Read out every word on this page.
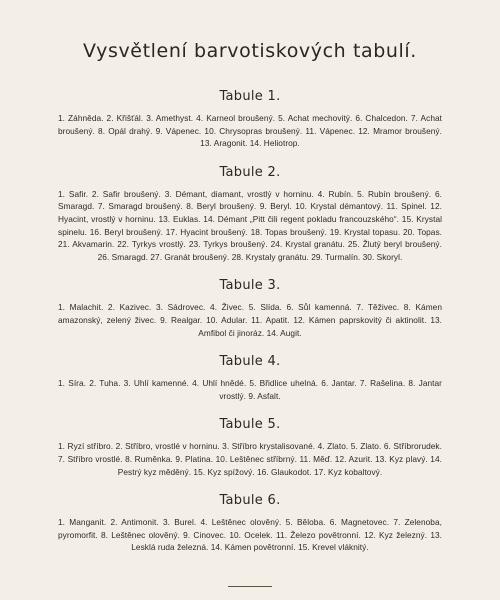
Vysvětlení barvotiskových tabulí.
Tabule 1.

1. Záhněda. 2. Křišťál. 3. Amethyst. 4. Karneol broušený. 5. Achat mechovitý. 6. Chalcedon. 7. Achat broušený. 8. Opál drahý. 9. Vápenec. 10. Chrysopras broušený. 11. Vápenec. 12. Mramor broušený. 13. Aragonit. 14. Heliotrop.

Tabule 2.

1. Safir. 2. Safir broušený. 3. Démant, diamant, vrostlý v horninu. 4. Rubín. 5. Rubín broušený. 6. Smaragd. 7. Smaragd broušený. 8. Beryl broušený. 9. Beryl. 10. Krystal démantový. 11. Spinel. 12. Hyacint, vrostlý v horninu. 13. Euklas. 14. Démant „Pitt čili regent pokladu francouzského“. 15. Krystal spinelu. 16. Beryl broušený. 17. Hyacint broušený. 18. Topas broušený. 19. Krystal topasu. 20. Topas. 21. Akvamarin. 22. Tyrkys vrostlý. 23. Tyrkys broušený. 24. Krystal granátu. 25. Žlutý beryl broušený. 26. Smaragd. 27. Granát broušený. 28. Krystaly granátu. 29. Turmalín. 30. Skoryl.

Tabule 3.

1. Malachit. 2. Kazivec. 3. Sádrovec. 4. Živec. 5. Slída. 6. Sůl kamenná. 7. Těživec. 8. Kámen amazonský, zelený živec. 9. Realgar. 10. Adular. 11. Apatit. 12. Kámen paprskovitý či aktinolit. 13. Amfibol či jinoráz. 14. Augit.

Tabule 4.

1. Síra. 2. Tuha. 3. Uhlí kamenné. 4. Uhlí hnědé. 5. Břidlice uhelná. 6. Jantar. 7. Rašelina. 8. Jantar vrostlý. 9. Asfalt.

Tabule 5.

1. Ryzí stříbro. 2. Stříbro, vrostlé v horninu. 3. Stříbro krystalisované. 4. Zlato. 5. Zlato. 6. Stříbrorudek. 7. Stříbro vrostlé. 8. Ruměnka. 9. Platina. 10. Leštěnec stříbrný. 11. Měď. 12. Azurit. 13. Kyz plavý. 14. Pestrý kyz měděný. 15. Kyz spížový. 16. Glaukodot. 17. Kyz kobaltový.

Tabule 6.

1. Manganit. 2. Antimonit. 3. Burel. 4. Leštěnec olověný. 5. Běloba. 6. Magnetovec. 7. Zelenoba, pyromorfit. 8. Leštěnec olověný. 9. Cinovec. 10. Ocelek. 11. Železo povětronní. 12. Kyz železný. 13. Lesklá ruda železná. 14. Kámen povětronní. 15. Krevel vláknitý.
